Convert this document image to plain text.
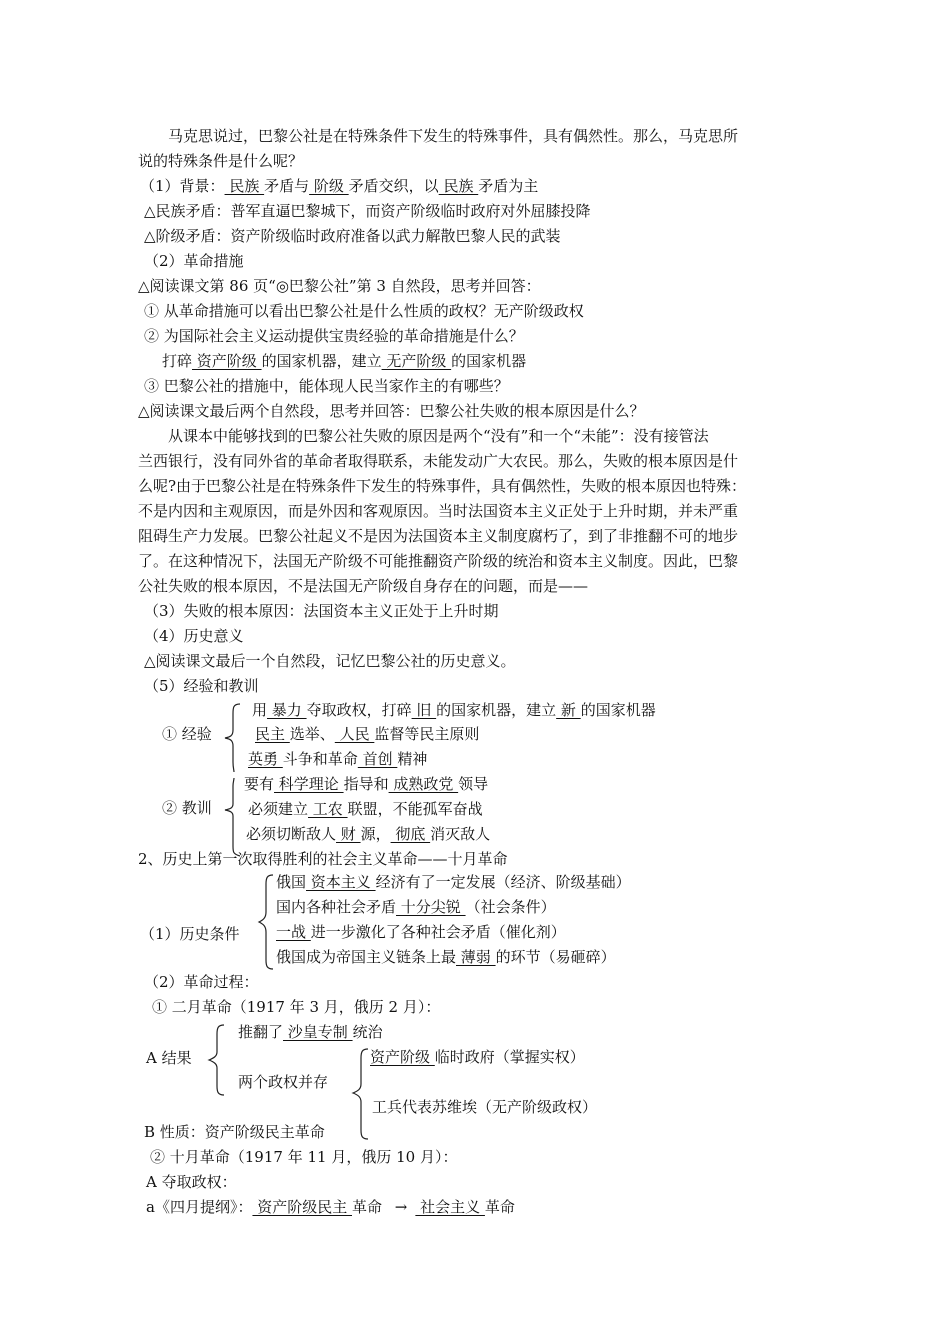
马克思说过，巴黎公社是在特殊条件下发生的特殊事件，具有偶然性。那么，马克思所
说的特殊条件是什么呢？
（1）背景： 民族 矛盾与 阶级 矛盾交织，以 民族 矛盾为主
△民族矛盾：普军直逼巴黎城下，而资产阶级临时政府对外屈膝投降
△阶级矛盾：资产阶级临时政府准备以武力解散巴黎人民的武装
（2）革命措施
△阅读课文第 86 页“◎巴黎公社”第 3 自然段，思考并回答：
① 从革命措施可以看出巴黎公社是什么性质的政权？无产阶级政权
② 为国际社会主义运动提供宝贵经验的革命措施是什么？
打碎 资产阶级 的国家机器，建立 无产阶级 的国家机器
③ 巴黎公社的措施中，能体现人民当家作主的有哪些？
△阅读课文最后两个自然段，思考并回答：巴黎公社失败的根本原因是什么？
从课本中能够找到的巴黎公社失败的原因是两个“没有”和一个“未能”：没有接管法
兰西银行，没有同外省的革命者取得联系，未能发动广大农民。那么，失败的根本原因是什
么呢?由于巴黎公社是在特殊条件下发生的特殊事件，具有偶然性，失败的根本原因也特殊：
不是内因和主观原因，而是外因和客观原因。当时法国资本主义正处于上升时期，并未严重
阻碍生产力发展。巴黎公社起义不是因为法国资本主义制度腐朽了，到了非推翻不可的地步
了。在这种情况下，法国无产阶级不可能推翻资产阶级的统治和资本主义制度。因此，巴黎
公社失败的根本原因，不是法国无产阶级自身存在的问题，而是——
（3）失败的根本原因：法国资本主义正处于上升时期
（4）历史意义
△阅读课文最后一个自然段，记忆巴黎公社的历史意义。
（5）经验和教训
① 经验
② 教训
用 暴力 夺取政权，打碎 旧 的国家机器，建立 新 的国家机器
民主 选举、 人民 监督等民主原则
英勇 斗争和革命 首创 精神
要有 科学理论 指导和 成熟政党 领导
必须建立 工农 联盟，不能孤军奋战
必须切断敌人 财 源， 彻底 消灭敌人
2、历史上第一次取得胜利的社会主义革命——十月革命
（1）历史条件
俄国 资本主义 经济有了一定发展（经济、阶级基础）
国内各种社会矛盾 十分尖锐 （社会条件）
一战 进一步激化了各种社会矛盾（催化剂）
俄国成为帝国主义链条上最 薄弱 的环节（易砸碎）
（2）革命过程：
① 二月革命（1917 年 3 月，俄历 2 月）：
A 结果
推翻了 沙皇专制 统治
两个政权并存
资产阶级 临时政府（掌握实权）
工兵代表苏维埃（无产阶级政权）
B 性质：资产阶级民主革命
② 十月革命（1917 年 11 月，俄历 10 月）：
A 夺取政权：
a《四月提纲》： 资产阶级民主 革命 → 社会主义 革命
